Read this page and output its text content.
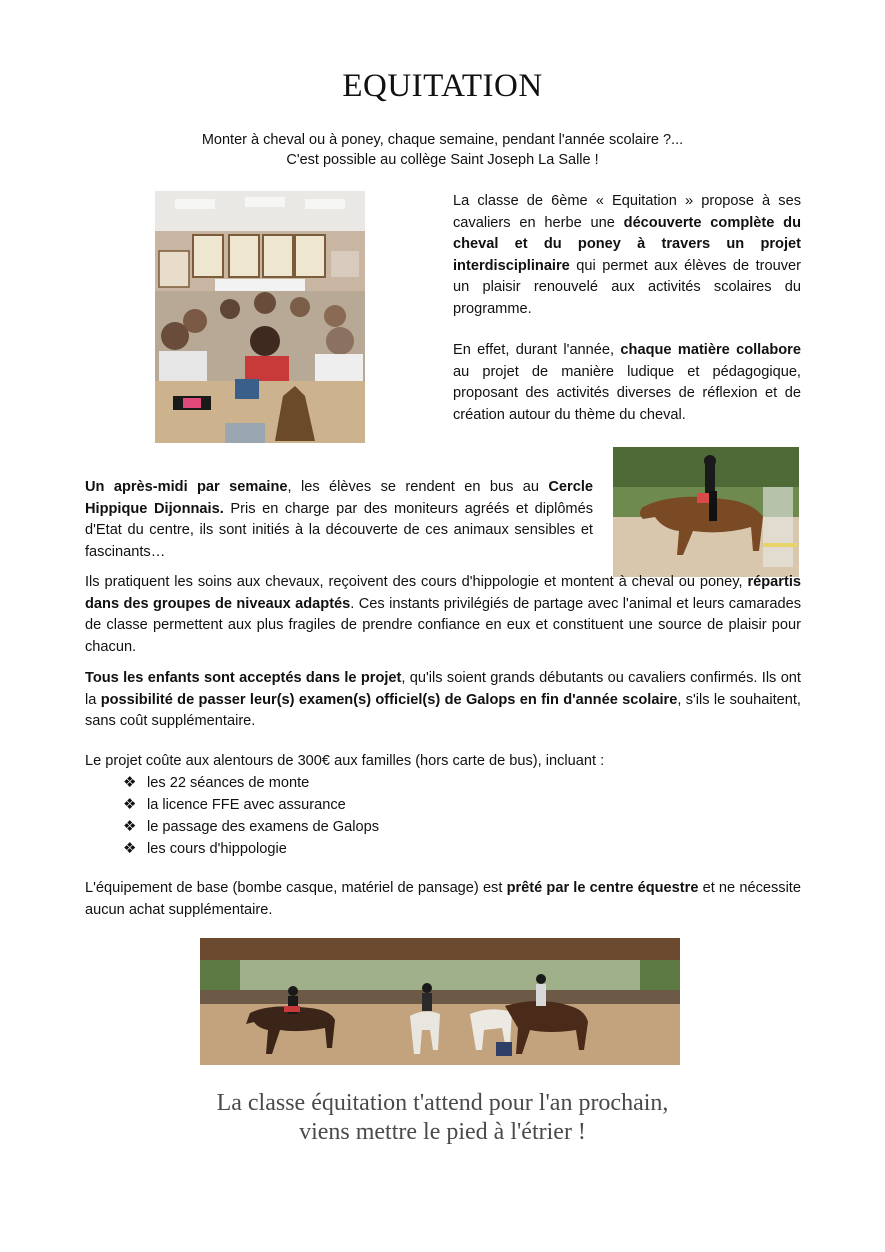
EQUITATION
Monter à cheval ou à poney, chaque semaine, pendant l'année scolaire ?...
C'est possible au collège Saint Joseph La Salle !

La classe de 6ème « Equitation » propose à ses cavaliers en herbe une découverte complète du cheval et du poney à travers un projet interdisciplinaire qui permet aux élèves de trouver un plaisir renouvelé aux activités scolaires du programme.

En effet, durant l'année, chaque matière collabore au projet de manière ludique et pédagogique, proposant des activités diverses de réflexion et de création autour du thème du cheval.

Un après-midi par semaine, les élèves se rendent en bus au Cercle Hippique Dijonnais. Pris en charge par des moniteurs agréés et diplômés d'Etat du centre, ils sont initiés à la découverte de ces animaux sensibles et fascinants…

Ils pratiquent les soins aux chevaux, reçoivent des cours d'hippologie et montent à cheval ou poney, répartis dans des groupes de niveaux adaptés. Ces instants privilégiés de partage avec l'animal et leurs camarades de classe permettent aux plus fragiles de prendre confiance en eux et constituent une source de plaisir pour chacun.

Tous les enfants sont acceptés dans le projet, qu'ils soient grands débutants ou cavaliers confirmés. Ils ont la possibilité de passer leur(s) examen(s) officiel(s) de Galops en fin d'année scolaire, s'ils le souhaitent, sans coût supplémentaire.

Le projet coûte aux alentours de 300€ aux familles (hors carte de bus), incluant :

❖ les 22 séances de monte
❖ la licence FFE avec assurance
❖ le passage des examens de Galops
❖ les cours d'hippologie

L'équipement de base (bombe casque, matériel de pansage) est prêté par le centre équestre et ne nécessite aucun achat supplémentaire.

La classe équitation t'attend pour l'an prochain,
viens mettre le pied à l'étrier !
